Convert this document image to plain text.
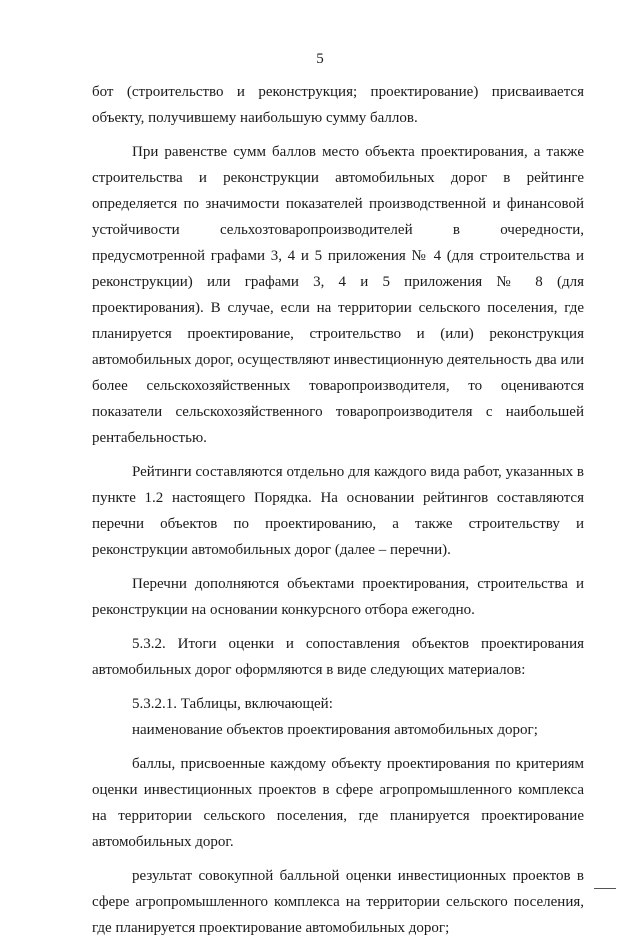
5

бот (строительство и реконструкция; проектирование) присваивается объекту, получившему наибольшую сумму баллов.

При равенстве сумм баллов место объекта проектирования, а также строительства и реконструкции автомобильных дорог в рейтинге определяется по значимости показателей производственной и финансовой устойчивости сельхозтоваропроизводителей в очередности, предусмотренной графами 3, 4 и 5 приложения № 4 (для строительства и реконструкции) или графами 3, 4 и 5 приложения № 8 (для проектирования). В случае, если на территории сельского поселения, где планируется проектирование, строительство и (или) реконструкция автомобильных дорог, осуществляют инвестиционную деятельность два или более сельскохозяйственных товаропроизводителя, то оцениваются показатели сельскохозяйственного товаропроизводителя с наибольшей рентабельностью.

Рейтинги составляются отдельно для каждого вида работ, указанных в пункте 1.2 настоящего Порядка. На основании рейтингов составляются перечни объектов по проектированию, а также строительству и реконструкции автомобильных дорог (далее – перечни).

Перечни дополняются объектами проектирования, строительства и реконструкции на основании конкурсного отбора ежегодно.

5.3.2. Итоги оценки и сопоставления объектов проектирования автомобильных дорог оформляются в виде следующих материалов:

5.3.2.1. Таблицы, включающей:

наименование объектов проектирования автомобильных дорог;

баллы, присвоенные каждому объекту проектирования по критериям оценки инвестиционных проектов в сфере агропромышленного комплекса на территории сельского поселения, где планируется проектирование автомобильных дорог.

результат совокупной балльной оценки инвестиционных проектов в сфере агропромышленного комплекса на территории сельского поселения, где планируется проектирование автомобильных дорог;
